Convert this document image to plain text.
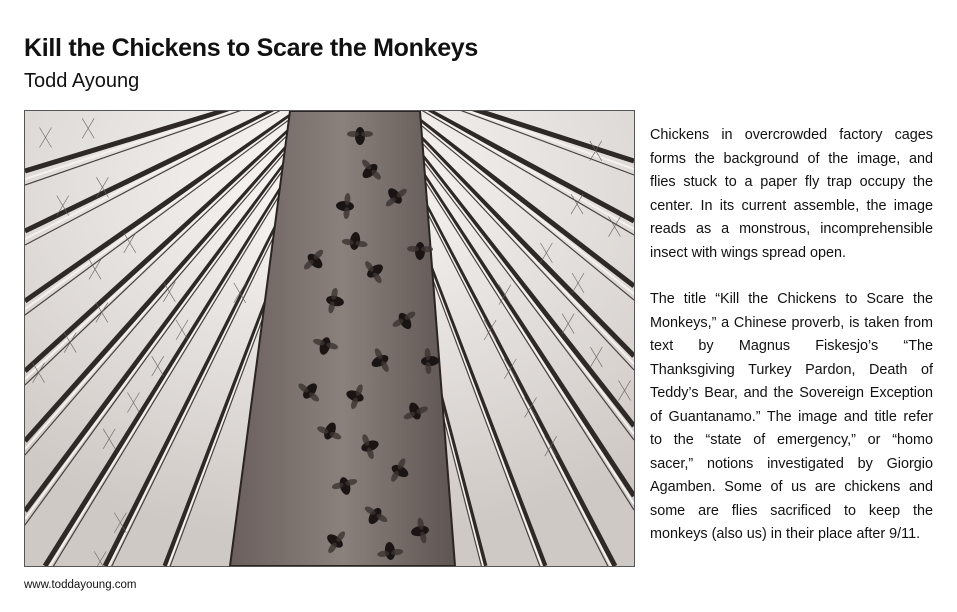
Kill the Chickens to Scare the Monkeys
Todd Ayoung

Chickens in overcrowded factory cages forms the background of the image, and flies stuck to a paper fly trap occupy the center. In its current assemble, the image reads as a monstrous, incomprehensible insect with wings spread open.

The title “Kill the Chickens to Scare the Monkeys,” a Chinese proverb, is taken from text by Magnus Fiskesjo’s “The Thanksgiving Turkey Pardon, Death of Teddy’s Bear, and the Sovereign Exception of Guantanamo.” The image and title refer to the “state of emergency,” or “homo sacer,” notions investigated by Giorgio Agamben. Some of us are chickens and some are flies sacrificed to keep the monkeys (also us) in their place after 9/11.

www.toddayoung.com
